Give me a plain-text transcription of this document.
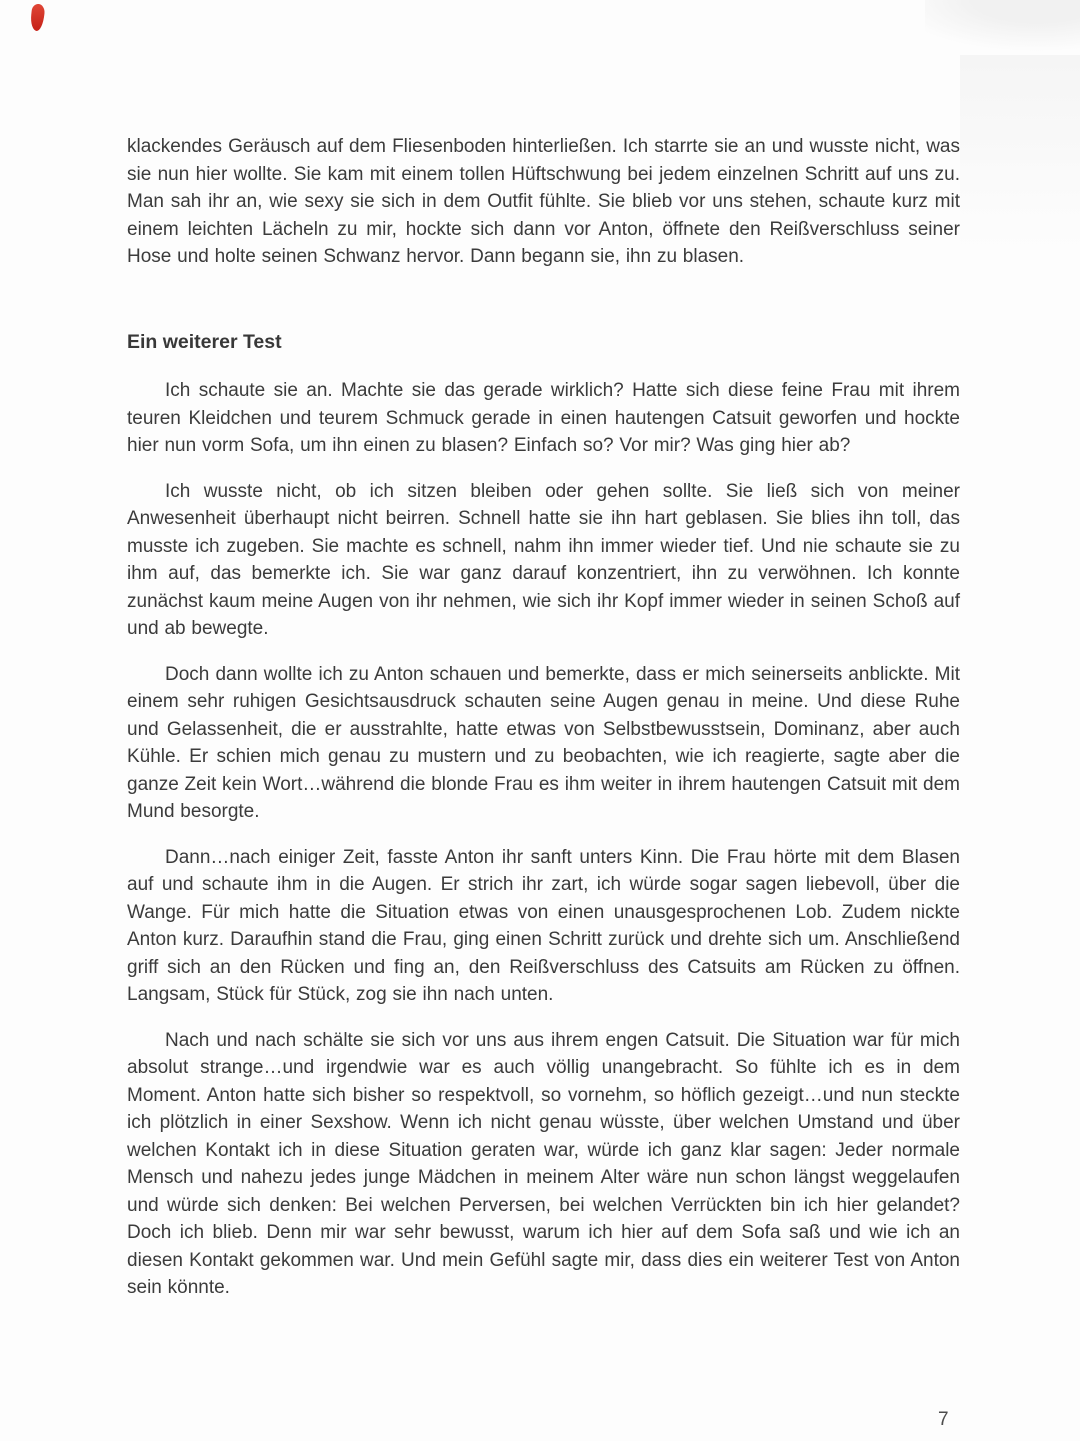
klackendes Geräusch auf dem Fliesenboden hinterließen. Ich starrte sie an und wusste nicht, was sie nun hier wollte. Sie kam mit einem tollen Hüftschwung bei jedem einzelnen Schritt auf uns zu. Man sah ihr an, wie sexy sie sich in dem Outfit fühlte. Sie blieb vor uns stehen, schaute kurz mit einem leichten Lächeln zu mir, hockte sich dann vor Anton, öffnete den Reißverschluss seiner Hose und holte seinen Schwanz hervor. Dann begann sie, ihn zu blasen.

Ein weiterer Test

Ich schaute sie an. Machte sie das gerade wirklich? Hatte sich diese feine Frau mit ihrem teuren Kleidchen und teurem Schmuck gerade in einen hautengen Catsuit geworfen und hockte hier nun vorm Sofa, um ihn einen zu blasen? Einfach so? Vor mir? Was ging hier ab?

Ich wusste nicht, ob ich sitzen bleiben oder gehen sollte. Sie ließ sich von meiner Anwesenheit überhaupt nicht beirren. Schnell hatte sie ihn hart geblasen. Sie blies ihn toll, das musste ich zugeben. Sie machte es schnell, nahm ihn immer wieder tief. Und nie schaute sie zu ihm auf, das bemerkte ich. Sie war ganz darauf konzentriert, ihn zu verwöhnen. Ich konnte zunächst kaum meine Augen von ihr nehmen, wie sich ihr Kopf immer wieder in seinen Schoß auf und ab bewegte.

Doch dann wollte ich zu Anton schauen und bemerkte, dass er mich seinerseits anblickte. Mit einem sehr ruhigen Gesichtsausdruck schauten seine Augen genau in meine. Und diese Ruhe und Gelassenheit, die er ausstrahlte, hatte etwas von Selbstbewusstsein, Dominanz, aber auch Kühle. Er schien mich genau zu mustern und zu beobachten, wie ich reagierte, sagte aber die ganze Zeit kein Wort…während die blonde Frau es ihm weiter in ihrem hautengen Catsuit mit dem Mund besorgte.

Dann…nach einiger Zeit, fasste Anton ihr sanft unters Kinn. Die Frau hörte mit dem Blasen auf und schaute ihm in die Augen. Er strich ihr zart, ich würde sogar sagen liebevoll, über die Wange. Für mich hatte die Situation etwas von einen unausgesprochenen Lob. Zudem nickte Anton kurz. Daraufhin stand die Frau, ging einen Schritt zurück und drehte sich um. Anschließend griff sich an den Rücken und fing an, den Reißverschluss des Catsuits am Rücken zu öffnen. Langsam, Stück für Stück, zog sie ihn nach unten.

Nach und nach schälte sie sich vor uns aus ihrem engen Catsuit. Die Situation war für mich absolut strange…und irgendwie war es auch völlig unangebracht. So fühlte ich es in dem Moment. Anton hatte sich bisher so respektvoll, so vornehm, so höflich gezeigt…und nun steckte ich plötzlich in einer Sexshow. Wenn ich nicht genau wüsste, über welchen Umstand und über welchen Kontakt ich in diese Situation geraten war, würde ich ganz klar sagen: Jeder normale Mensch und nahezu jedes junge Mädchen in meinem Alter wäre nun schon längst weggelaufen und würde sich denken: Bei welchen Perversen, bei welchen Verrückten bin ich hier gelandet? Doch ich blieb. Denn mir war sehr bewusst, warum ich hier auf dem Sofa saß und wie ich an diesen Kontakt gekommen war. Und mein Gefühl sagte mir, dass dies ein weiterer Test von Anton sein könnte.

7
